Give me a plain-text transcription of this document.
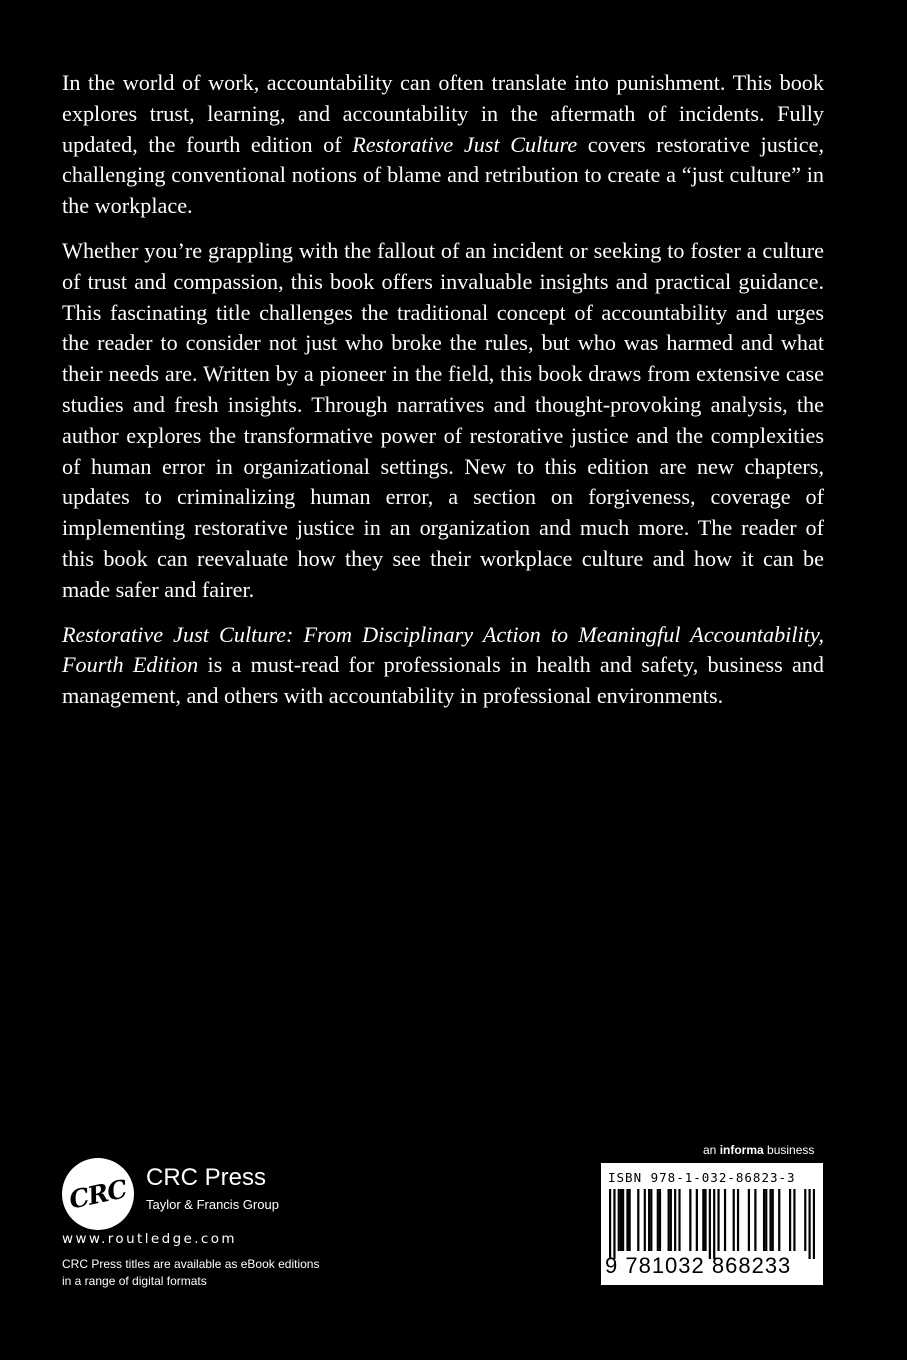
In the world of work, accountability can often translate into punishment. This book explores trust, learning, and accountability in the aftermath of incidents. Fully updated, the fourth edition of Restorative Just Culture covers restorative justice, challenging conventional notions of blame and retribution to create a “just culture” in the workplace.

Whether you’re grappling with the fallout of an incident or seeking to foster a culture of trust and compassion, this book offers invaluable insights and practical guidance. This fascinating title challenges the traditional concept of accountability and urges the reader to consider not just who broke the rules, but who was harmed and what their needs are. Written by a pioneer in the field, this book draws from extensive case studies and fresh insights. Through narratives and thought-provoking analysis, the author explores the transformative power of restorative justice and the complexities of human error in organizational settings. New to this edition are new chapters, updates to criminalizing human error, a section on forgiveness, coverage of implementing restorative justice in an organization and much more. The reader of this book can reevaluate how they see their workplace culture and how it can be made safer and fairer.

Restorative Just Culture: From Disciplinary Action to Meaningful Accountability, Fourth Edition is a must-read for professionals in health and safety, business and management, and others with accountability in professional environments.

CRC CRC Press
Taylor & Francis Group
www.routledge.com
CRC Press titles are available as eBook editions in a range of digital formats
an informa business
ISBN 978-1-032-86823-3
9 781032 868233
